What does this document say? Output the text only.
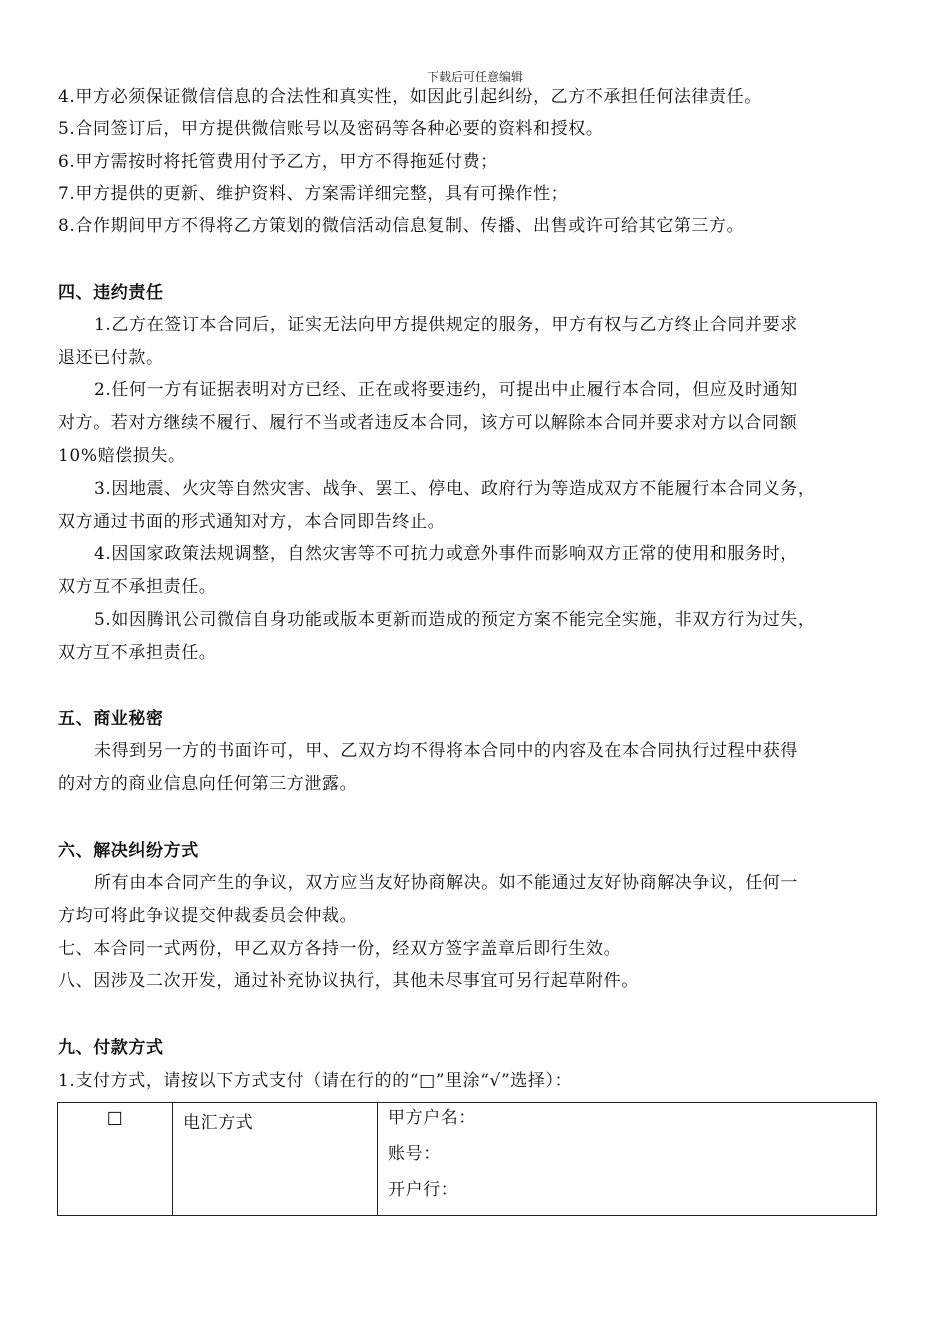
下载后可任意编辑
4.甲方必须保证微信信息的合法性和真实性，如因此引起纠纷，乙方不承担任何法律责任。
5.合同签订后，甲方提供微信账号以及密码等各种必要的资料和授权。
6.甲方需按时将托管费用付予乙方，甲方不得拖延付费；
7.甲方提供的更新、维护资料、方案需详细完整，具有可操作性；
8.合作期间甲方不得将乙方策划的微信活动信息复制、传播、出售或许可给其它第三方。
四、违约责任
1.乙方在签订本合同后，证实无法向甲方提供规定的服务，甲方有权与乙方终止合同并要求
退还已付款。
2.任何一方有证据表明对方已经、正在或将要违约，可提出中止履行本合同，但应及时通知
对方。若对方继续不履行、履行不当或者违反本合同，该方可以解除本合同并要求对方以合同额
10%赔偿损失。
3.因地震、火灾等自然灾害、战争、罢工、停电、政府行为等造成双方不能履行本合同义务，
双方通过书面的形式通知对方，本合同即告终止。
4.因国家政策法规调整，自然灾害等不可抗力或意外事件而影响双方正常的使用和服务时，
双方互不承担责任。
5.如因腾讯公司微信自身功能或版本更新而造成的预定方案不能完全实施，非双方行为过失，
双方互不承担责任。
五、商业秘密
未得到另一方的书面许可，甲、乙双方均不得将本合同中的内容及在本合同执行过程中获得
的对方的商业信息向任何第三方泄露。
六、解决纠纷方式
所有由本合同产生的争议，双方应当友好协商解决。如不能通过友好协商解决争议，任何一
方均可将此争议提交仲裁委员会仲裁。
七、本合同一式两份，甲乙双方各持一份，经双方签字盖章后即行生效。
八、因涉及二次开发，通过补充协议执行，其他未尽事宜可另行起草附件。
九、付款方式
1.支付方式，请按以下方式支付（请在行的的“□”里涂“√”选择）：
☐	电汇方式	甲方户名：
账号：
开户行：
